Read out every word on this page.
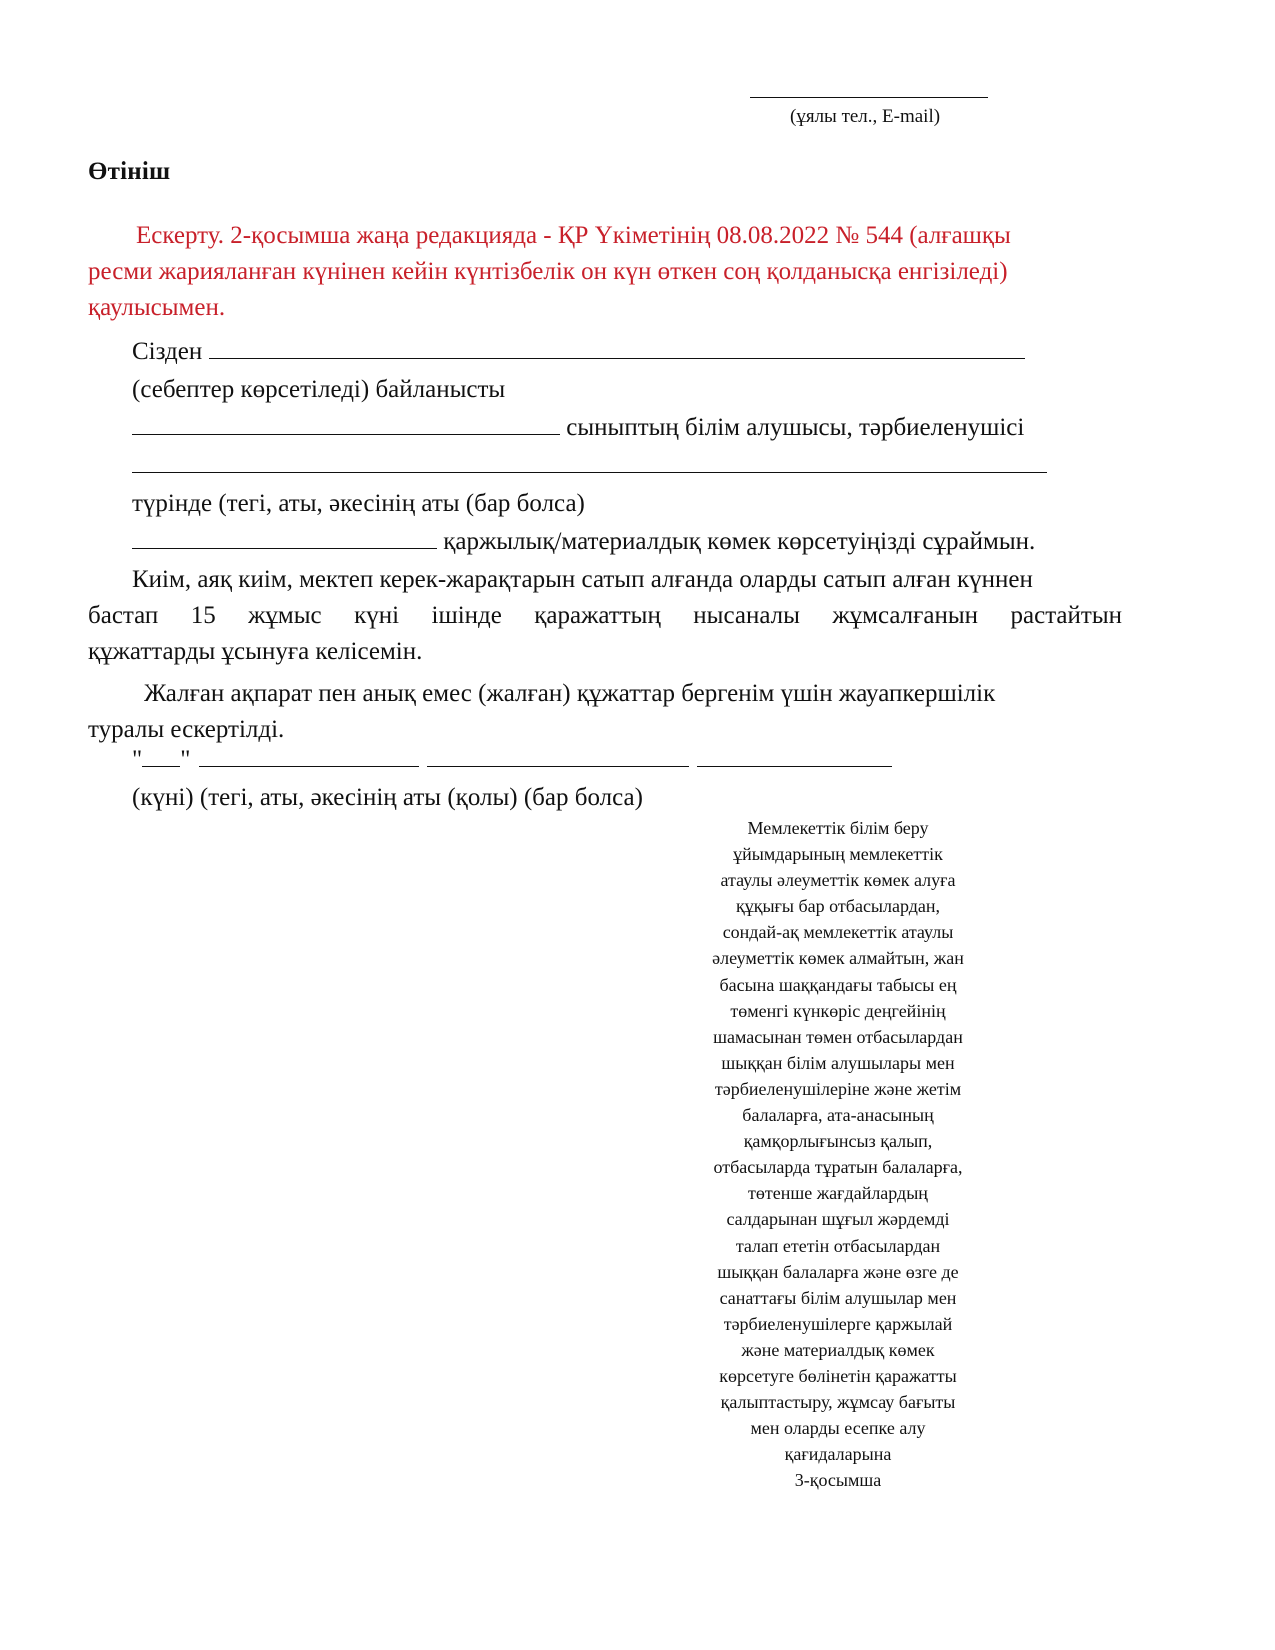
(ұялы тел., E-mail)
Өтініш
Ескерту. 2-қосымша жаңа редакцияда - ҚР Үкіметінің 08.08.2022 № 544 (алғашқы
ресми жарияланған күнінен кейін күнтізбелік он күн өткен соң қолданысқа енгізіледі)
қаулысымен.
Сізден
(себептер көрсетіледі) байланысты
сыныптың білім алушысы, тәрбиеленушісі
түрінде (тегі, аты, әкесінің аты (бар болса)
қаржылық/материалдық көмек көрсетуіңізді сұраймын.
Киім, аяқ киім, мектеп керек-жарақтарын сатып алғанда оларды сатып алған күннен
бастап 15 жұмыс күні ішінде қаражаттың нысаналы жұмсалғанын растайтын
құжаттарды ұсынуға келісемін.
Жалған ақпарат пен анық емес (жалған) құжаттар бергенім үшін жауапкершілік
туралы ескертілді.
" "
(күні) (тегі, аты, әкесінің аты (қолы) (бар болса)
Мемлекеттік білім беру
ұйымдарының мемлекеттік
атаулы әлеуметтік көмек алуға
құқығы бар отбасылардан,
сондай-ақ мемлекеттік атаулы
әлеуметтік көмек алмайтын, жан
басына шаққандағы табысы ең
төменгі күнкөріс деңгейінің
шамасынан төмен отбасылардан
шыққан білім алушылары мен
тәрбиеленушілеріне және жетім
балаларға, ата-анасының
қамқорлығынсыз қалып,
отбасыларда тұратын балаларға,
төтенше жағдайлардың
салдарынан шұғыл жәрдемді
талап ететін отбасылардан
шыққан балаларға және өзге де
санаттағы білім алушылар мен
тәрбиеленушілерге қаржылай
және материалдық көмек
көрсетуге бөлінетін қаражатты
қалыптастыру, жұмсау бағыты
мен оларды есепке алу
қағидаларына
3-қосымша
